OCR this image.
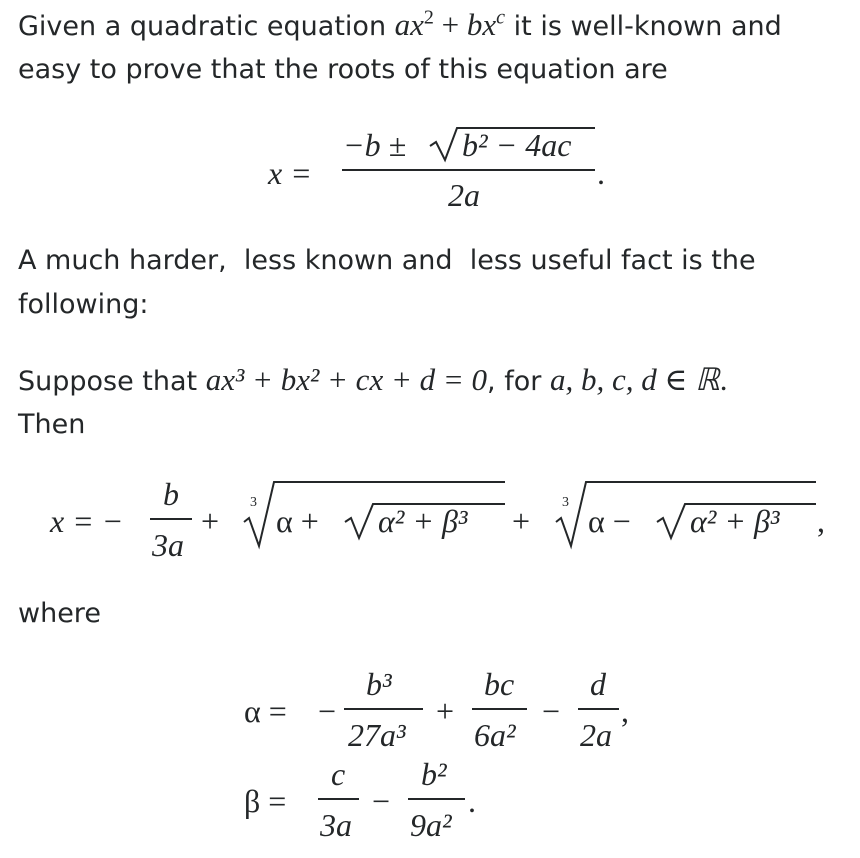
Given a quadratic equation $ax^2 + bx^c$ it is well-known and
easy to prove that the roots of this equation are
x =
−b ± b² − 4ac
2a
.
A much harder,  less known and  less useful fact is the
following:
Suppose that ax³ + bx² + cx + d = 0, for a, b, c, d ∈ ℝ.
Then
x = −
b
3a
+
3
α + α² + β³ +
3
α − α² + β³ ,
where
α = −
b³
27a³
+
bc
6a²
−
d
2a
,
β =
c
3a
−
b²
9a²
.
